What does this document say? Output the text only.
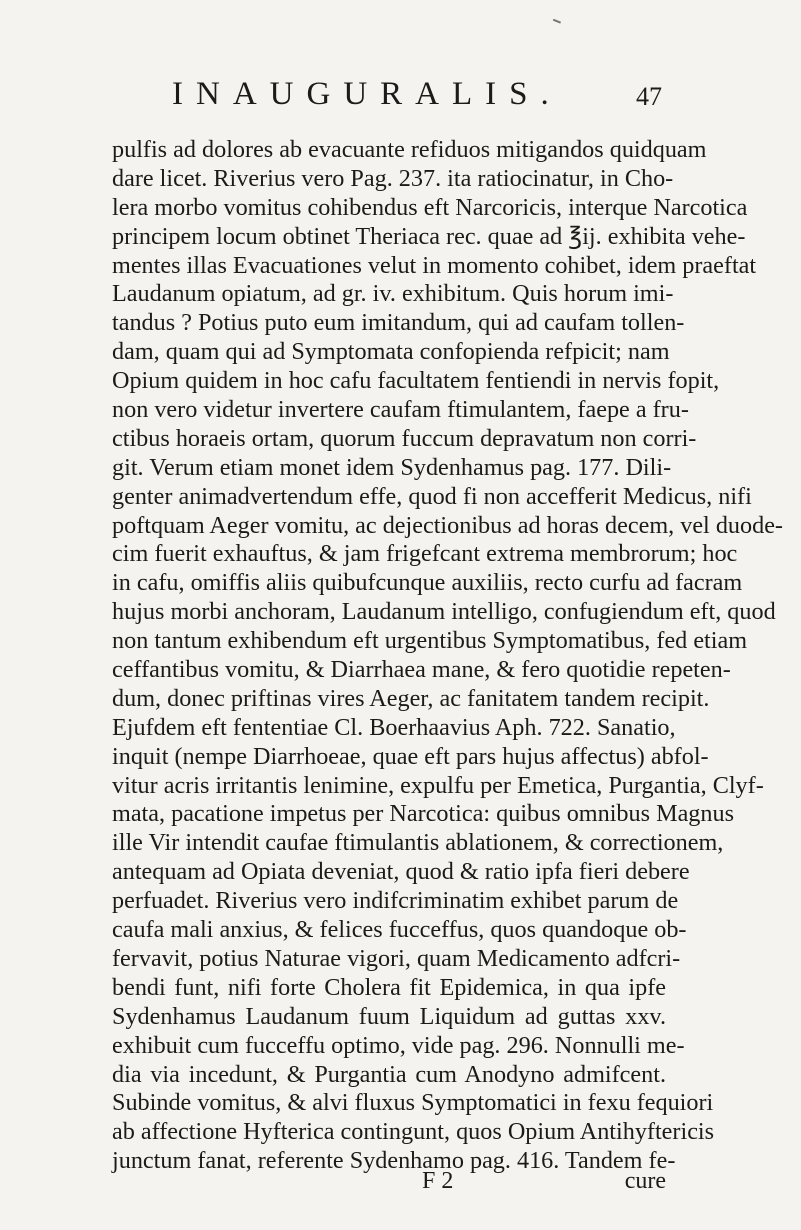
INAUGURALIS.	47
pulfis ad dolores ab evacuante refiduos mitigandos quidquam
dare licet. Riverius vero Pag. 237. ita ratiocinatur, in Cho-
lera morbo vomitus cohibendus eft Narcoricis, interque Narcotica
principem locum obtinet Theriaca rec. quae ad ℥ij. exhibita vehe-
mentes illas Evacuationes velut in momento cohibet, idem praeftat
Laudanum opiatum, ad gr. iv. exhibitum. Quis horum imi-
tandus ? Potius puto eum imitandum, qui ad caufam tollen-
dam, quam qui ad Symptomata confopienda refpicit; nam
Opium quidem in hoc cafu facultatem fentiendi in nervis fopit,
non vero videtur invertere caufam ftimulantem, faepe a fru-
ctibus horaeis ortam, quorum fuccum depravatum non corri-
git. Verum etiam monet idem Sydenhamus pag. 177. Dili-
genter animadvertendum effe, quod fi non accefferit Medicus, nifi
poftquam Aeger vomitu, ac dejectionibus ad horas decem, vel duode-
cim fuerit exhauftus, & jam frigefcant extrema membrorum; hoc
in cafu, omiffis aliis quibufcunque auxiliis, recto curfu ad facram
hujus morbi anchoram, Laudanum intelligo, confugiendum eft, quod
non tantum exhibendum eft urgentibus Symptomatibus, fed etiam
ceffantibus vomitu, & Diarrhaea mane, & fero quotidie repeten-
dum, donec priftinas vires Aeger, ac fanitatem tandem recipit.
Ejufdem eft fententiae Cl. Boerhaavius Aph. 722. Sanatio,
inquit (nempe Diarrhoeae, quae eft pars hujus affectus) abfol-
vitur acris irritantis lenimine, expulfu per Emetica, Purgantia, Clyf-
mata, pacatione impetus per Narcotica: quibus omnibus Magnus
ille Vir intendit caufae ftimulantis ablationem, & correctionem,
antequam ad Opiata deveniat, quod & ratio ipfa fieri debere
perfuadet. Riverius vero indifcriminatim exhibet parum de
caufa mali anxius, & felices fucceffus, quos quandoque ob-
fervavit, potius Naturae vigori, quam Medicamento adfcri-
bendi funt, nifi forte Cholera fit Epidemica, in qua ipfe
Sydenhamus Laudanum fuum Liquidum ad guttas xxv.
exhibuit cum fucceffu optimo, vide pag. 296. Nonnulli me-
dia via incedunt, & Purgantia cum Anodyno admifcent.
Subinde vomitus, & alvi fluxus Symptomatici in fexu fequiori
ab affectione Hyfterica contingunt, quos Opium Antihyftericis
junctum fanat, referente Sydenhamo pag. 416. Tandem fe-
F 2	cure
